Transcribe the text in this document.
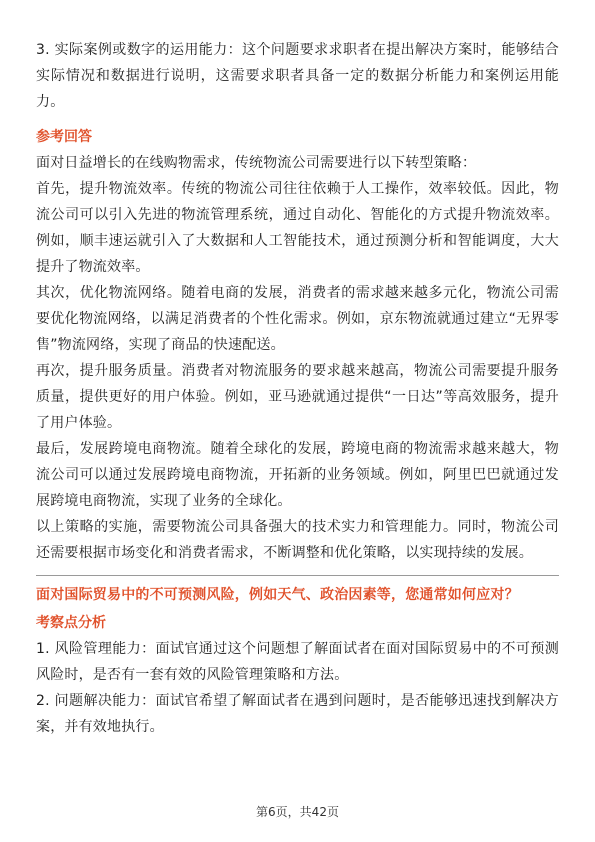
3. 实际案例或数字的运用能力：这个问题要求求职者在提出解决方案时，能够结合实际情况和数据进行说明，这需要求职者具备一定的数据分析能力和案例运用能力。

参考回答

面对日益增长的在线购物需求，传统物流公司需要进行以下转型策略：

首先，提升物流效率。传统的物流公司往往依赖于人工操作，效率较低。因此，物流公司可以引入先进的物流管理系统，通过自动化、智能化的方式提升物流效率。例如，顺丰速运就引入了大数据和人工智能技术，通过预测分析和智能调度，大大提升了物流效率。

其次，优化物流网络。随着电商的发展，消费者的需求越来越多元化，物流公司需要优化物流网络，以满足消费者的个性化需求。例如，京东物流就通过建立“无界零售”物流网络，实现了商品的快速配送。

再次，提升服务质量。消费者对物流服务的要求越来越高，物流公司需要提升服务质量，提供更好的用户体验。例如，亚马逊就通过提供“一日达”等高效服务，提升了用户体验。

最后，发展跨境电商物流。随着全球化的发展，跨境电商的物流需求越来越大，物流公司可以通过发展跨境电商物流，开拓新的业务领域。例如，阿里巴巴就通过发展跨境电商物流，实现了业务的全球化。

以上策略的实施，需要物流公司具备强大的技术实力和管理能力。同时，物流公司还需要根据市场变化和消费者需求，不断调整和优化策略，以实现持续的发展。

面对国际贸易中的不可预测风险，例如天气、政治因素等，您通常如何应对？

考察点分析

1. 风险管理能力：面试官通过这个问题想了解面试者在面对国际贸易中的不可预测风险时，是否有一套有效的风险管理策略和方法。

2. 问题解决能力：面试官希望了解面试者在遇到问题时，是否能够迅速找到解决方案，并有效地执行。

第6页，共42页
